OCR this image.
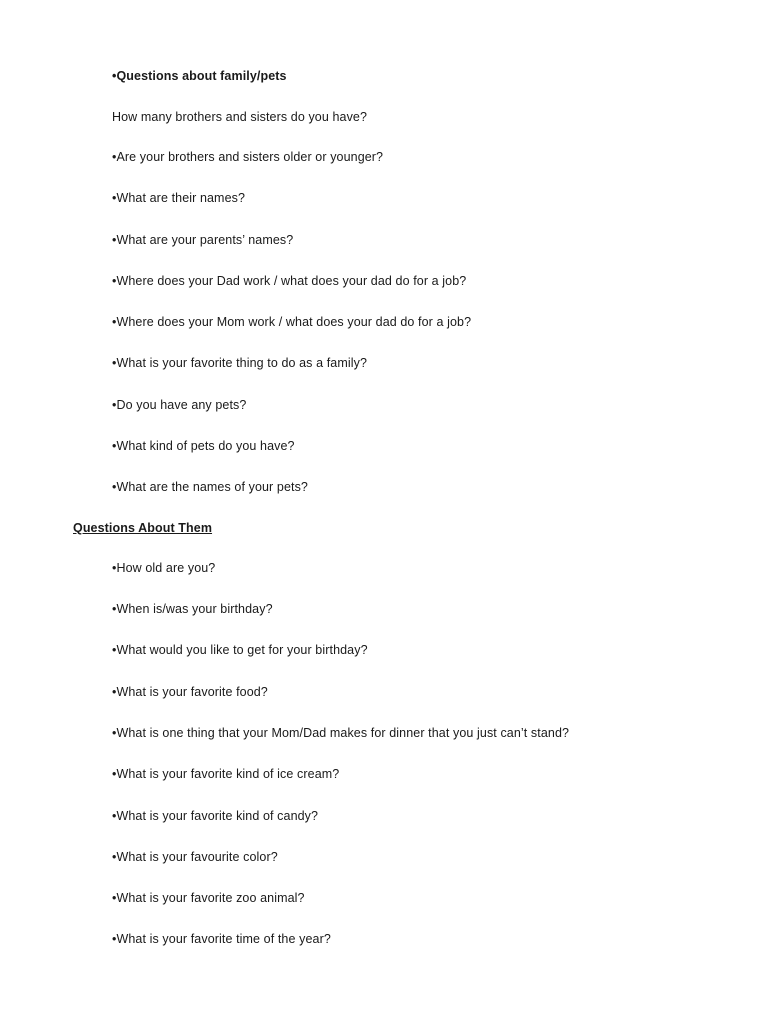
•Questions about family/pets
How many brothers and sisters do you have?
•Are your brothers and sisters older or younger?
•What are their names?
•What are your parents’ names?
•Where does your Dad work / what does your dad do for a job?
•Where does your Mom work / what does your dad do for a job?
•What is your favorite thing to do as a family?
•Do you have any pets?
•What kind of pets do you have?
•What are the names of your pets?
Questions About Them
•How old are you?
•When is/was your birthday?
•What would you like to get for your birthday?
•What is your favorite food?
•What is one thing that your Mom/Dad makes for dinner that you just can’t stand?
•What is your favorite kind of ice cream?
•What is your favorite kind of candy?
•What is your favourite color?
•What is your favorite zoo animal?
•What is your favorite time of the year?
